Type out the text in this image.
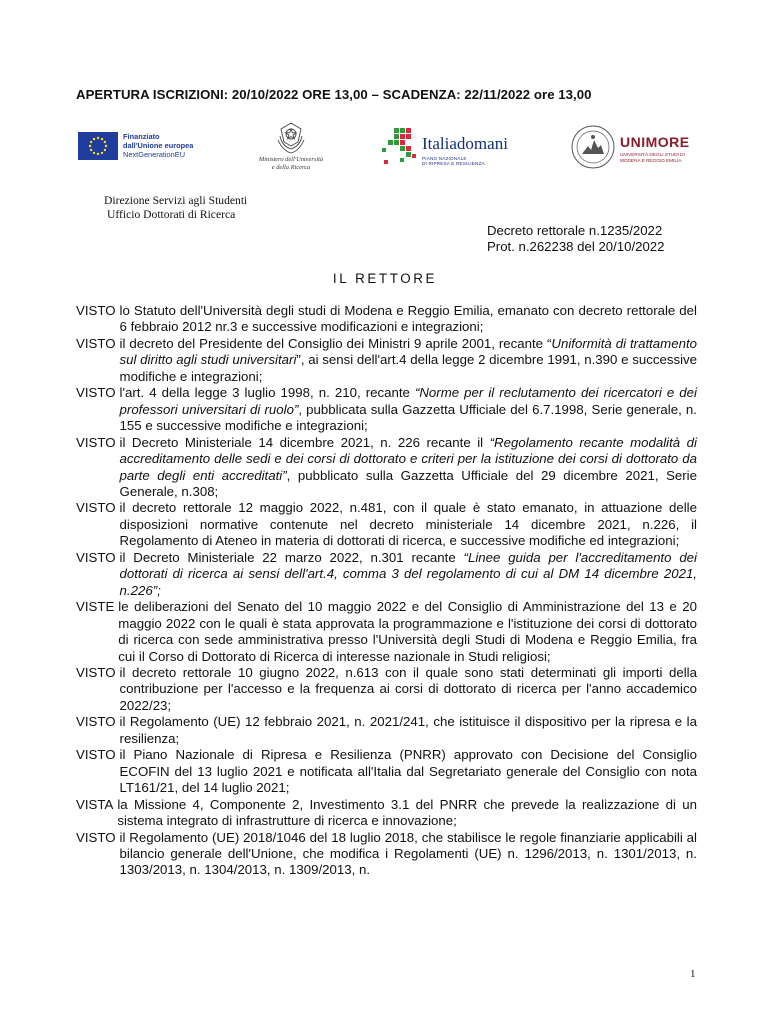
APERTURA ISCRIZIONI: 20/10/2022 ORE 13,00 – SCADENZA: 22/11/2022 ore 13,00
Finanziato
dall'Unione europea
NextGenerationEU
Ministero dell'Università
e della Ricerca
Italiadomani
PIANO NAZIONALE
DI RIPRESA E RESILIENZA
UNIMORE
UNIVERSITÀ DEGLI STUDI DI
MODENA E REGGIO EMILIA
Direzione Servizi agli Studenti
Ufficio Dottorati di Ricerca
Decreto rettorale n.1235/2022
Prot. n.262238 del 20/10/2022
IL RETTORE
VISTO lo Statuto dell'Università degli studi di Modena e Reggio Emilia, emanato con decreto rettorale del 6 febbraio 2012 nr.3 e successive modificazioni e integrazioni;
VISTO il decreto del Presidente del Consiglio dei Ministri 9 aprile 2001, recante “Uniformità di trattamento sul diritto agli studi universitari”, ai sensi dell'art.4 della legge 2 dicembre 1991, n.390 e successive modifiche e integrazioni;
VISTO l'art. 4 della legge 3 luglio 1998, n. 210, recante “Norme per il reclutamento dei ricercatori e dei professori universitari di ruolo”, pubblicata sulla Gazzetta Ufficiale del 6.7.1998, Serie generale, n. 155 e successive modifiche e integrazioni;
VISTO il Decreto Ministeriale 14 dicembre 2021, n. 226 recante il “Regolamento recante modalità di accreditamento delle sedi e dei corsi di dottorato e criteri per la istituzione dei corsi di dottorato da parte degli enti accreditati”, pubblicato sulla Gazzetta Ufficiale del 29 dicembre 2021, Serie Generale, n.308;
VISTO il decreto rettorale 12 maggio 2022, n.481, con il quale è stato emanato, in attuazione delle disposizioni normative contenute nel decreto ministeriale 14 dicembre 2021, n.226, il Regolamento di Ateneo in materia di dottorati di ricerca, e successive modifiche ed integrazioni;
VISTO il Decreto Ministeriale 22 marzo 2022, n.301 recante “Linee guida per l'accreditamento dei dottorati di ricerca ai sensi dell'art.4, comma 3 del regolamento di cui al DM 14 dicembre 2021, n.226”;
VISTE le deliberazioni del Senato del 10 maggio 2022 e del Consiglio di Amministrazione del 13 e 20 maggio 2022 con le quali è stata approvata la programmazione e l'istituzione dei corsi di dottorato di ricerca con sede amministrativa presso l'Università degli Studi di Modena e Reggio Emilia, fra cui il Corso di Dottorato di Ricerca di interesse nazionale in Studi religiosi;
VISTO il decreto rettorale 10 giugno 2022, n.613 con il quale sono stati determinati gli importi della contribuzione per l'accesso e la frequenza ai corsi di dottorato di ricerca per l'anno accademico 2022/23;
VISTO il Regolamento (UE) 12 febbraio 2021, n. 2021/241, che istituisce il dispositivo per la ripresa e la resilienza;
VISTO il Piano Nazionale di Ripresa e Resilienza (PNRR) approvato con Decisione del Consiglio ECOFIN del 13 luglio 2021 e notificata all'Italia dal Segretariato generale del Consiglio con nota LT161/21, del 14 luglio 2021;
VISTA la Missione 4, Componente 2, Investimento 3.1 del PNRR che prevede la realizzazione di un sistema integrato di infrastrutture di ricerca e innovazione;
VISTO il Regolamento (UE) 2018/1046 del 18 luglio 2018, che stabilisce le regole finanziarie applicabili al bilancio generale dell'Unione, che modifica i Regolamenti (UE) n. 1296/2013, n. 1301/2013, n. 1303/2013, n. 1304/2013, n. 1309/2013, n.
1
